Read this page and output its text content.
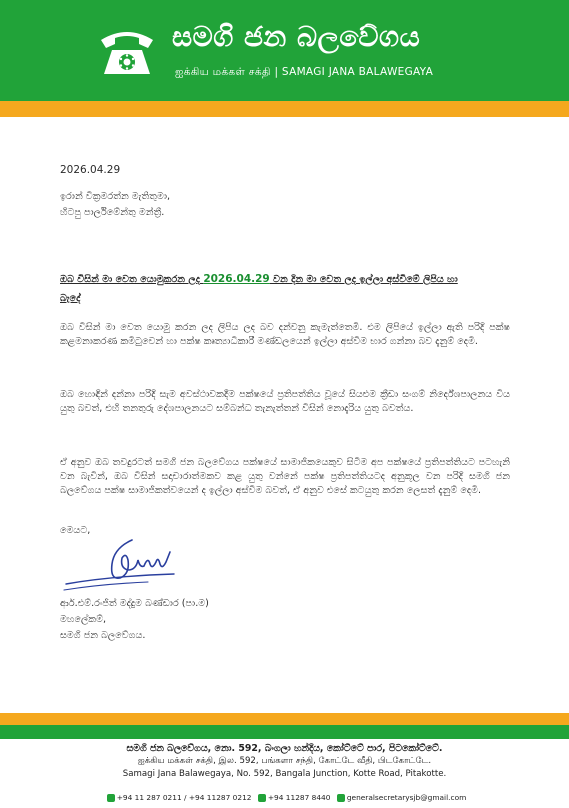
සමගි ජන බලවේගය
ஐக்கிய மக்கள் சக்தி | SAMAGI JANA BALAWEGAYA
2026.04.29
ඉරාන් වික්‍රමරත්න මැතිතුමා,
හිටපු පාර්ලිමේන්තු මන්ත්‍රී.
ඔබ විසින් මා වෙත යොමුකරන ලද 2026.04.29 වන දින මා වෙත ලද ඉල්ලා අස්වීමේ ලිපිය හා
බැදේ
ඔබ විසින් මා වෙත යොමු කරන ලද ලිපිය ලද බව දන්වනු කැමැත්තෙමි. එම ලිපියේ ඉල්ලා ඇති පරිදි පක්ෂ කළමනාකරණ කමිටුවෙන් හා පක්ෂ කෘත්‍යාධිකාරී මණ්ඩලයෙන් ඉල්ලා අස්වීම භාර ගන්නා බව දැනුම් දෙමි.
ඔබ හොඳින් දන්නා පරිදි සැම අවස්ථාවකදීම පක්ෂයේ ප්‍රතිපත්තිය වූයේ සියළුම ක්‍රීඩා සංගම් නිර්දේශපාලනය විය යුතු බවත්, එහි තනතුරු දේශපාලනයට සම්බන්ධ තැනැත්තන් විසින් නොදැරිය යුතු බවත්ය.
ඒ අනුව ඔබ තවදුරටත් සමගි ජන බලවේගය පක්ෂයේ සාමාජිකයෙකුව සිටීම අප පක්ෂයේ ප්‍රතිපත්තියට පටහැනි වන බැවින්, ඔබ විසින් සදාචාරාත්මකව කළ යුතු වන්නේ පක්ෂ ප්‍රතිපත්තියටද අනුකූල වන පරිදි සමගි ජන බලවේගය පක්ෂ සාමාජිකත්වයෙන් ද ඉල්ලා අස්වීම බවත්, ඒ අනුව එසේ කටයුතු කරන ලෙසත් දැනුම් දෙමි.
මෙයට,
ආර්.එම්.රංජිත් මද්දුම බණ්ඩාර (පා.ම)
මහලේකම්,
සමගි ජන බලවේගය.
සමගි ජන බලවේගය, නො. 592, බංගලා හන්දිය, කෝට්ටේ පාර, පිටකෝට්ටේ.
ஐக்கிய மக்கள் சக்தி, இல. 592, பங்களா சந்தி, கோட்டே வீதி, பிடகோட்டே.
Samagi Jana Balawegaya, No. 592, Bangala Junction, Kotte Road, Pitakotte.
+94 11 287 0211 / +94 11287 0212 +94 11287 8440 generalsecretarysjb@gmail.com
